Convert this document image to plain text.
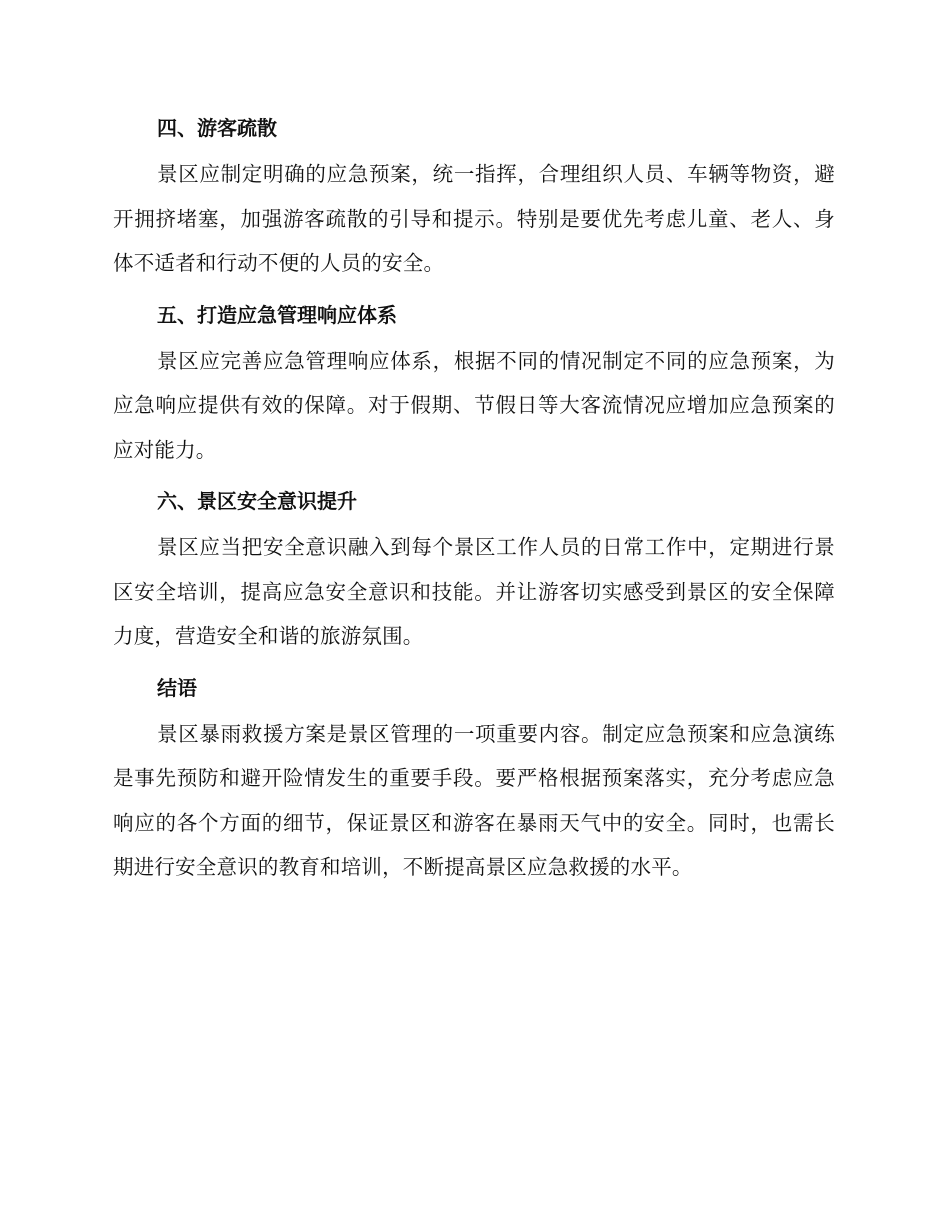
四、游客疏散

景区应制定明确的应急预案，统一指挥，合理组织人员、车辆等物资，避开拥挤堵塞，加强游客疏散的引导和提示。特别是要优先考虑儿童、老人、身体不适者和行动不便的人员的安全。

五、打造应急管理响应体系

景区应完善应急管理响应体系，根据不同的情况制定不同的应急预案，为应急响应提供有效的保障。对于假期、节假日等大客流情况应增加应急预案的应对能力。

六、景区安全意识提升

景区应当把安全意识融入到每个景区工作人员的日常工作中，定期进行景区安全培训，提高应急安全意识和技能。并让游客切实感受到景区的安全保障力度，营造安全和谐的旅游氛围。

结语

景区暴雨救援方案是景区管理的一项重要内容。制定应急预案和应急演练是事先预防和避开险情发生的重要手段。要严格根据预案落实，充分考虑应急响应的各个方面的细节，保证景区和游客在暴雨天气中的安全。同时，也需长期进行安全意识的教育和培训，不断提高景区应急救援的水平。
